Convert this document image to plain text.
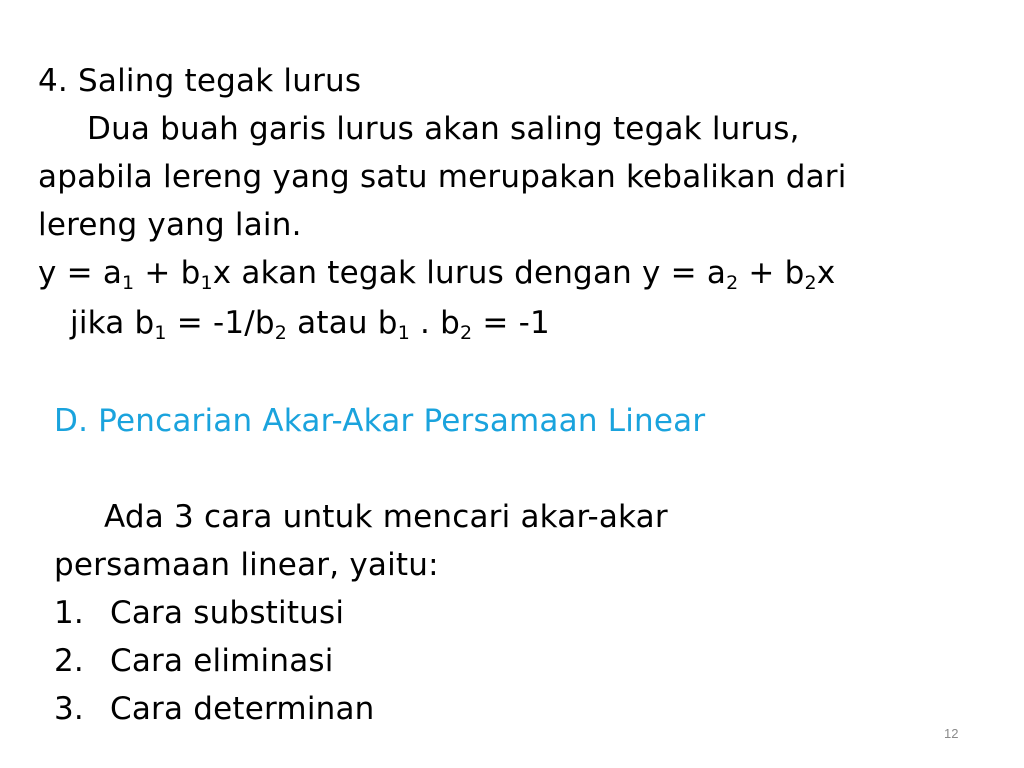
4. Saling tegak lurus
Dua buah garis lurus akan saling tegak lurus,
apabila lereng yang satu merupakan kebalikan dari
lereng yang lain.
$y = a_1 + b_1x$ akan tegak lurus dengan $y = a_2 + b_2x$
jika $b_1 = -1/b_2$ atau $b_1$ . $b_2 = -1$
D. Pencarian Akar-Akar Persamaan Linear
Ada 3 cara untuk mencari akar-akar
persamaan linear, yaitu:
1. Cara substitusi
2. Cara eliminasi
3. Cara determinan
12
